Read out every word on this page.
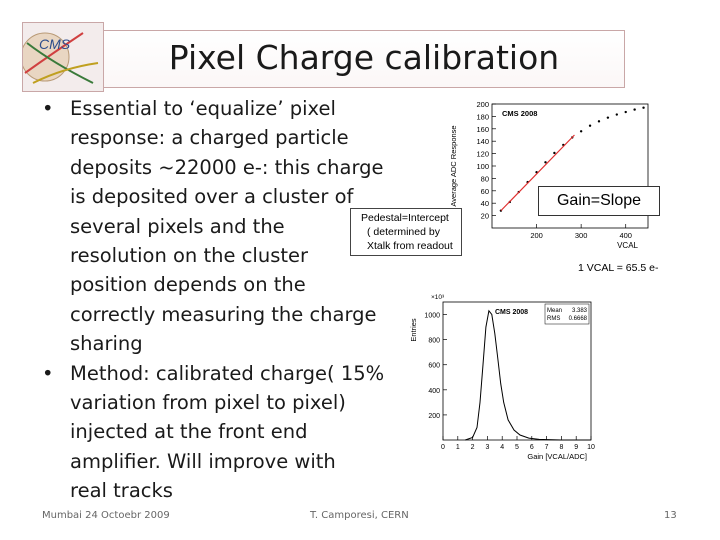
CMS	Pixel Charge calibration
• Essential to ‘equalize’ pixel
response: a charged particle
deposits ~22000 e-: this charge
is deposited over a cluster of
several pixels and the
resolution on the cluster
position depends on the
correctly measuring the charge
sharing
• Method: calibrated charge( 15%
variation from pixel to pixel)
injected at the front end
amplifier. Will improve with
real tracks
20
40
60
80
100
120
140
160
180
200
200	300	400
VCAL
Average ADC Response
CMS 2008
200
400
600
800
1000
0 1 2 3 4 5 6 7 8 9 10
Gain [VCAL/ADC]
Entries
×10³
CMS 2008	Mean 3.383
RMS 0.6668
Pedestal=Intercept
( determined by
Xtalk from readout
Gain=Slope
1 VCAL = 65.5 e-
Mumbai 24 Octoebr 2009	T. Camporesi, CERN	13
